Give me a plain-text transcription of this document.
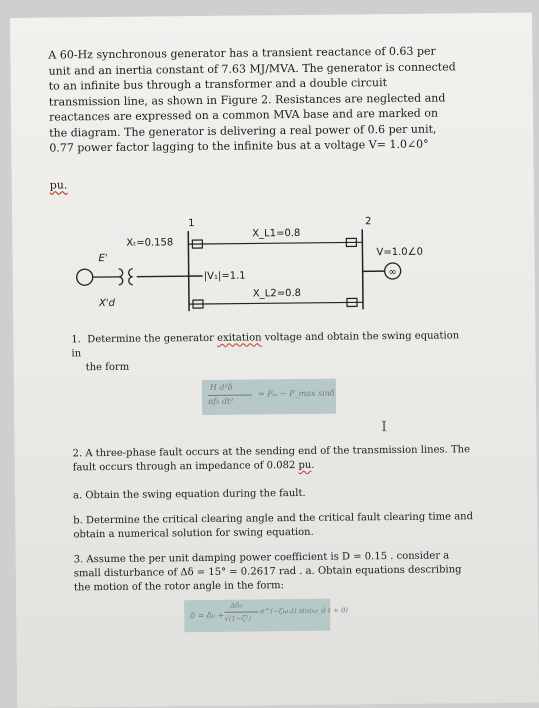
A 60-Hz synchronous generator has a transient reactance of 0.63 per unit and an inertia constant of 7.63 MJ/MVA. The generator is connected to an infinite bus through a transformer and a double circuit transmission line, as shown in Figure 2. Resistances are neglected and reactances are expressed on a common MVA base and are marked on the diagram. The generator is delivering a real power of 0.6 per unit, 0.77 power factor lagging to the infinite bus at a voltage V= 1.0∠0°
pu.
1	2
Xₜ=0.158
X_L1=0.8
X_L2=0.8
|V₁|=1.1
V=1.0∠0
E'
X'd
∞
1. Determine the generator exitation voltage and obtain the swing equation in
the form
H d²δ
πf₀ dt²
= Pₘ − P_max sinδ
I
2. A three-phase fault occurs at the sending end of the transmission lines. The fault occurs through an impedance of 0.082 pu.
a. Obtain the swing equation during the fault.
b. Determine the critical clearing angle and the critical fault clearing time and obtain a numerical solution for swing equation.
3. Assume the per unit damping power coefficient is D = 0.15 . consider a small disturbance of Δδ = 15° = 0.2617 rad . a. Obtain equations describing the motion of the rotor angle in the form:
δ = δ₀ +
Δδ₀
√(1−ζ²)
e^(−ζωₙt) sin(ω_d t + θ)
